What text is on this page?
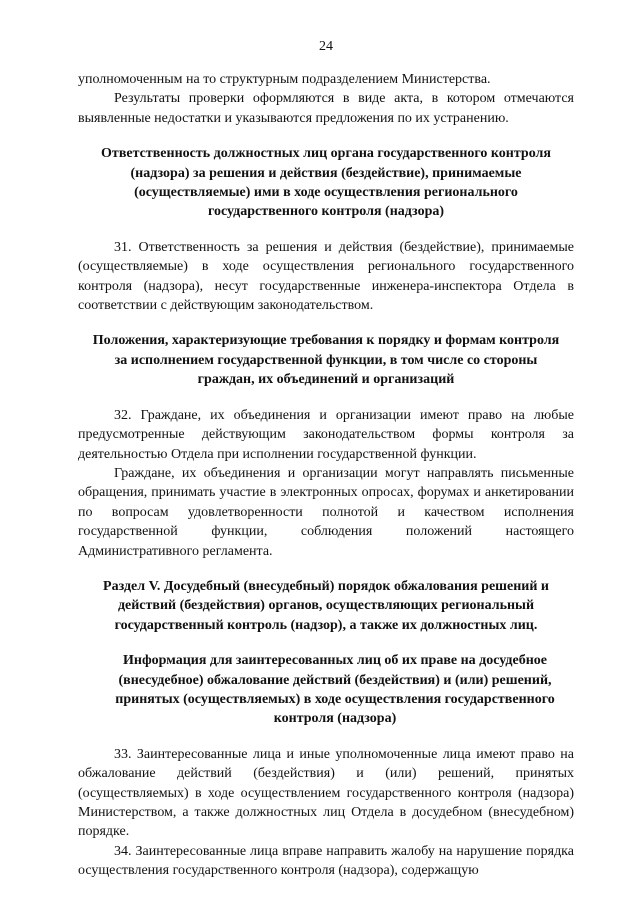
24

уполномоченным на то структурным подразделением Министерства.

Результаты проверки оформляются в виде акта, в котором отмечаются выявленные недостатки и указываются предложения по их устранению.

Ответственность должностных лиц органа государственного контроля (надзора) за решения и действия (бездействие), принимаемые (осуществляемые) ими в ходе осуществления регионального государственного контроля (надзора)

31. Ответственность за решения и действия (бездействие), принимаемые (осуществляемые) в ходе осуществления регионального государственного контроля (надзора), несут государственные инженера-инспектора Отдела в соответствии с действующим законодательством.

Положения, характеризующие требования к порядку и формам контроля за исполнением государственной функции, в том числе со стороны граждан, их объединений и организаций

32. Граждане, их объединения и организации имеют право на любые предусмотренные действующим законодательством формы контроля за деятельностью Отдела при исполнении государственной функции.

Граждане, их объединения и организации могут направлять письменные обращения, принимать участие в электронных опросах, форумах и анкетировании по вопросам удовлетворенности полнотой и качеством исполнения государственной функции, соблюдения положений настоящего Административного регламента.

Раздел V. Досудебный (внесудебный) порядок обжалования решений и действий (бездействия) органов, осуществляющих региональный государственный контроль (надзор), а также их должностных лиц.
Информация для заинтересованных лиц об их праве на досудебное (внесудебное) обжалование действий (бездействия) и (или) решений, принятых (осуществляемых) в ходе осуществления государственного контроля (надзора)

33. Заинтересованные лица и иные уполномоченные лица имеют право на обжалование действий (бездействия) и (или) решений, принятых (осуществляемых) в ходе осуществлением государственного контроля (надзора) Министерством, а также должностных лиц Отдела в досудебном (внесудебном) порядке.

34. Заинтересованные лица вправе направить жалобу на нарушение порядка осуществления государственного контроля (надзора), содержащую
